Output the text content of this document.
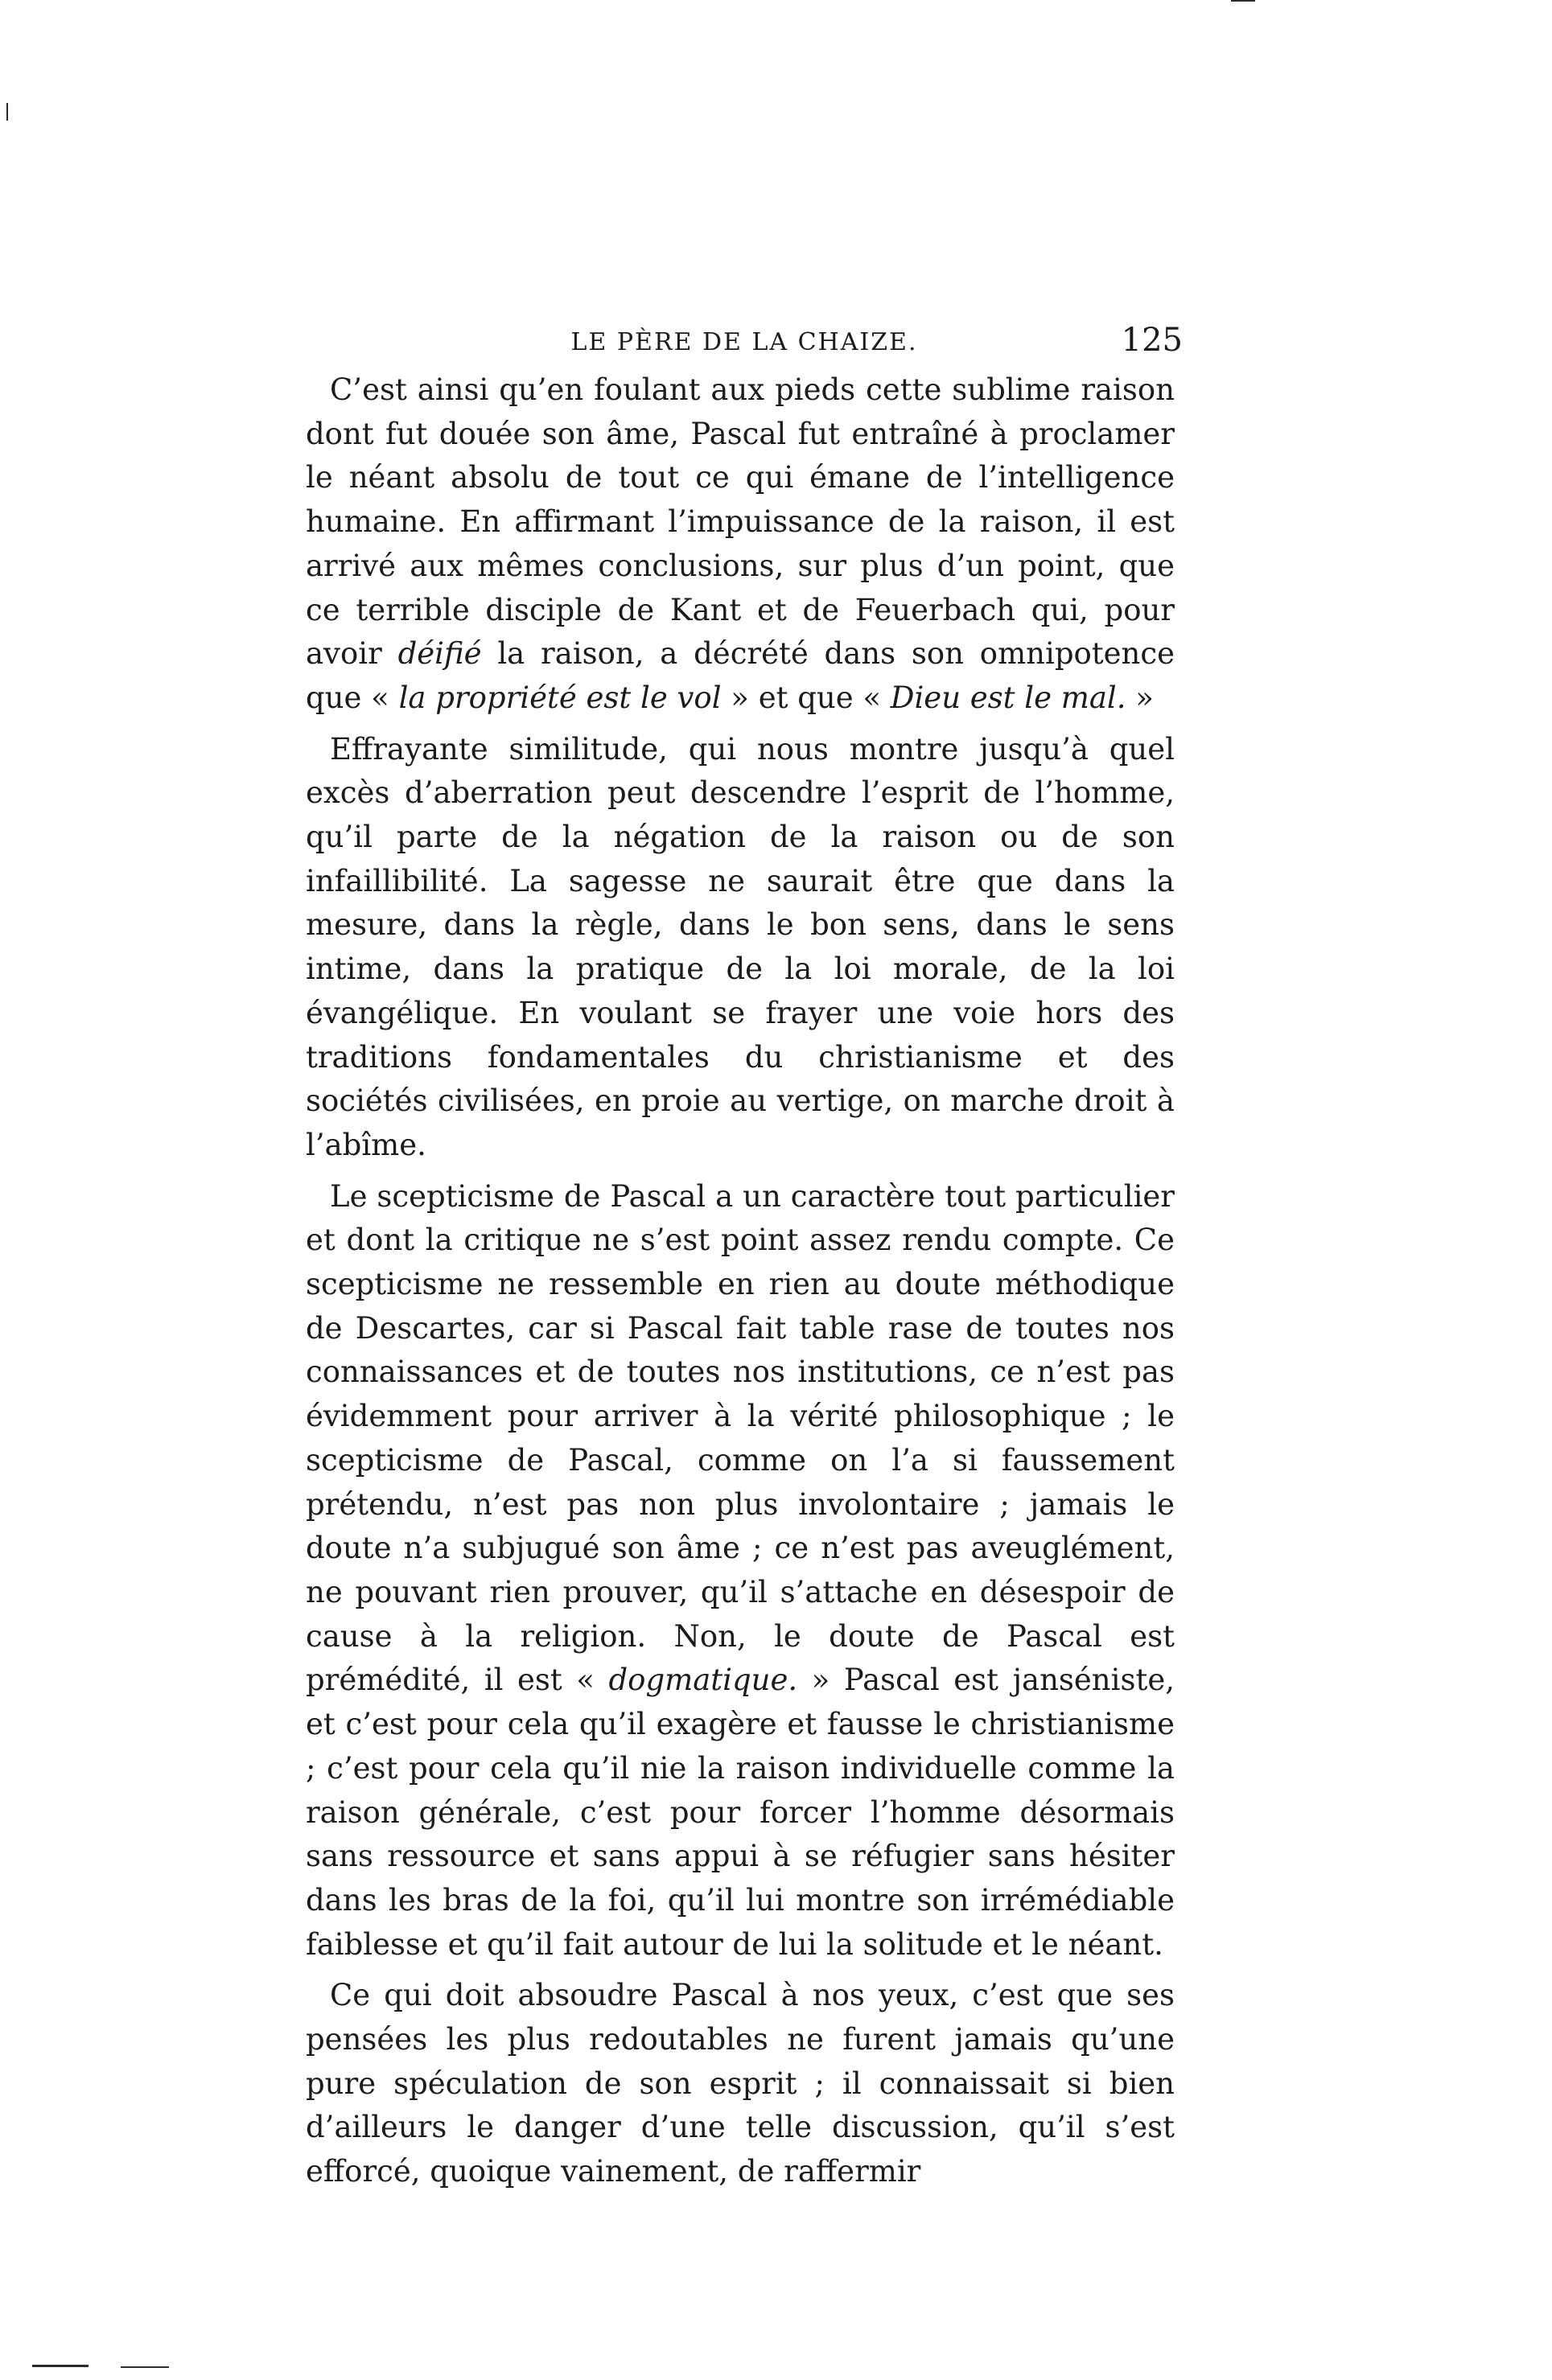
LE PÈRE DE LA CHAIZE.	125

C’est ainsi qu’en foulant aux pieds cette sublime raison dont fut douée son âme, Pascal fut entraîné à proclamer le néant absolu de tout ce qui émane de l’intelligence humaine. En affirmant l’impuissance de la raison, il est arrivé aux mêmes conclusions, sur plus d’un point, que ce terrible disciple de Kant et de Feuerbach qui, pour avoir déifié la raison, a décrété dans son omnipotence que « la propriété est le vol » et que « Dieu est le mal. »

Effrayante similitude, qui nous montre jusqu’à quel excès d’aberration peut descendre l’esprit de l’homme, qu’il parte de la négation de la raison ou de son infaillibilité. La sagesse ne saurait être que dans la mesure, dans la règle, dans le bon sens, dans le sens intime, dans la pratique de la loi morale, de la loi évangélique. En voulant se frayer une voie hors des traditions fondamentales du christianisme et des sociétés civilisées, en proie au vertige, on marche droit à l’abîme.

Le scepticisme de Pascal a un caractère tout particulier et dont la critique ne s’est point assez rendu compte. Ce scepticisme ne ressemble en rien au doute méthodique de Descartes, car si Pascal fait table rase de toutes nos connaissances et de toutes nos institutions, ce n’est pas évidemment pour arriver à la vérité philosophique ; le scepticisme de Pascal, comme on l’a si faussement prétendu, n’est pas non plus involontaire ; jamais le doute n’a subjugué son âme ; ce n’est pas aveuglément, ne pouvant rien prouver, qu’il s’attache en désespoir de cause à la religion. Non, le doute de Pascal est prémédité, il est « dogmatique. » Pascal est janséniste, et c’est pour cela qu’il exagère et fausse le christianisme ; c’est pour cela qu’il nie la raison individuelle comme la raison générale, c’est pour forcer l’homme désormais sans ressource et sans appui à se réfugier sans hésiter dans les bras de la foi, qu’il lui montre son irrémédiable faiblesse et qu’il fait autour de lui la solitude et le néant.

Ce qui doit absoudre Pascal à nos yeux, c’est que ses pensées les plus redoutables ne furent jamais qu’une pure spéculation de son esprit ; il connaissait si bien d’ailleurs le danger d’une telle discussion, qu’il s’est efforcé, quoique vainement, de raffermir
